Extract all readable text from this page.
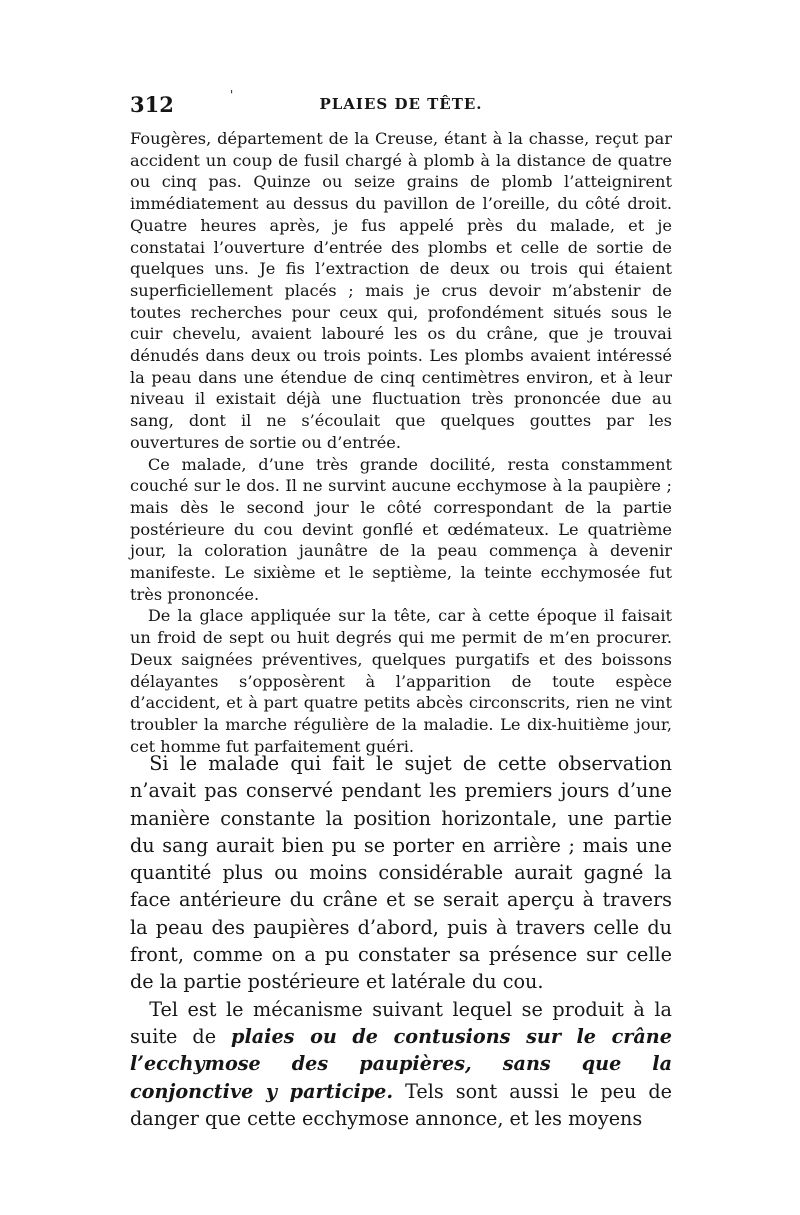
312	'	PLAIES DE TÊTE.

Fougères, département de la Creuse, étant à la chasse, reçut par accident un coup de fusil chargé à plomb à la distance de quatre ou cinq pas. Quinze ou seize grains de plomb l’atteignirent immédiatement au dessus du pavillon de l’oreille, du côté droit. Quatre heures après, je fus appelé près du malade, et je constatai l’ouverture d’entrée des plombs et celle de sortie de quelques uns. Je fis l’extraction de deux ou trois qui étaient superficiellement placés ; mais je crus devoir m’abstenir de toutes recherches pour ceux qui, profondément situés sous le cuir chevelu, avaient labouré les os du crâne, que je trouvai dénudés dans deux ou trois points. Les plombs avaient intéressé la peau dans une étendue de cinq centimètres environ, et à leur niveau il existait déjà une fluctuation très prononcée due au sang, dont il ne s’écoulait que quelques gouttes par les ouvertures de sortie ou d’entrée.

Ce malade, d’une très grande docilité, resta constamment couché sur le dos. Il ne survint aucune ecchymose à la paupière ; mais dès le second jour le côté correspondant de la partie postérieure du cou devint gonflé et œdémateux. Le quatrième jour, la coloration jaunâtre de la peau commença à devenir manifeste. Le sixième et le septième, la teinte ecchymosée fut très prononcée.

De la glace appliquée sur la tête, car à cette époque il faisait un froid de sept ou huit degrés qui me permit de m’en procurer. Deux saignées préventives, quelques purgatifs et des boissons délayantes s’opposèrent à l’apparition de toute espèce d’accident, et à part quatre petits abcès circonscrits, rien ne vint troubler la marche régulière de la maladie. Le dix-huitième jour, cet homme fut parfaitement guéri.

Si le malade qui fait le sujet de cette observation n’avait pas conservé pendant les premiers jours d’une manière constante la position horizontale, une partie du sang aurait bien pu se porter en arrière ; mais une quantité plus ou moins considérable aurait gagné la face antérieure du crâne et se serait aperçu à travers la peau des paupières d’abord, puis à travers celle du front, comme on a pu constater sa présence sur celle de la partie postérieure et latérale du cou.

Tel est le mécanisme suivant lequel se produit à la suite de plaies ou de contusions sur le crâne l’ecchymose des paupières, sans que la conjonctive y participe. Tels sont aussi le peu de danger que cette ecchymose annonce, et les moyens
